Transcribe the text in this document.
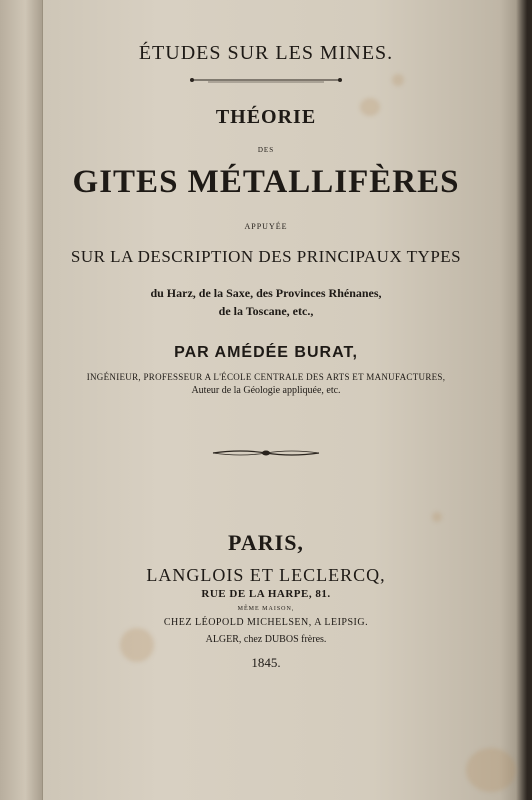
ÉTUDES SUR LES MINES.
THÉORIE
DES
GITES MÉTALLIFÈRES
APPUYÉE
SUR LA DESCRIPTION DES PRINCIPAUX TYPES
du Harz, de la Saxe, des Provinces Rhénanes,
de la Toscane, etc.,
PAR AMÉDÉE BURAT,
INGÉNIEUR, PROFESSEUR A L'ÉCOLE CENTRALE DES ARTS ET MANUFACTURES,
Auteur de la Géologie appliquée, etc.
PARIS,
LANGLOIS ET LECLERCQ,
RUE DE LA HARPE, 81.
MÊME MAISON,
CHEZ LÉOPOLD MICHELSEN, A LEIPSIG.
ALGER, chez DUBOS frères.
1845.
